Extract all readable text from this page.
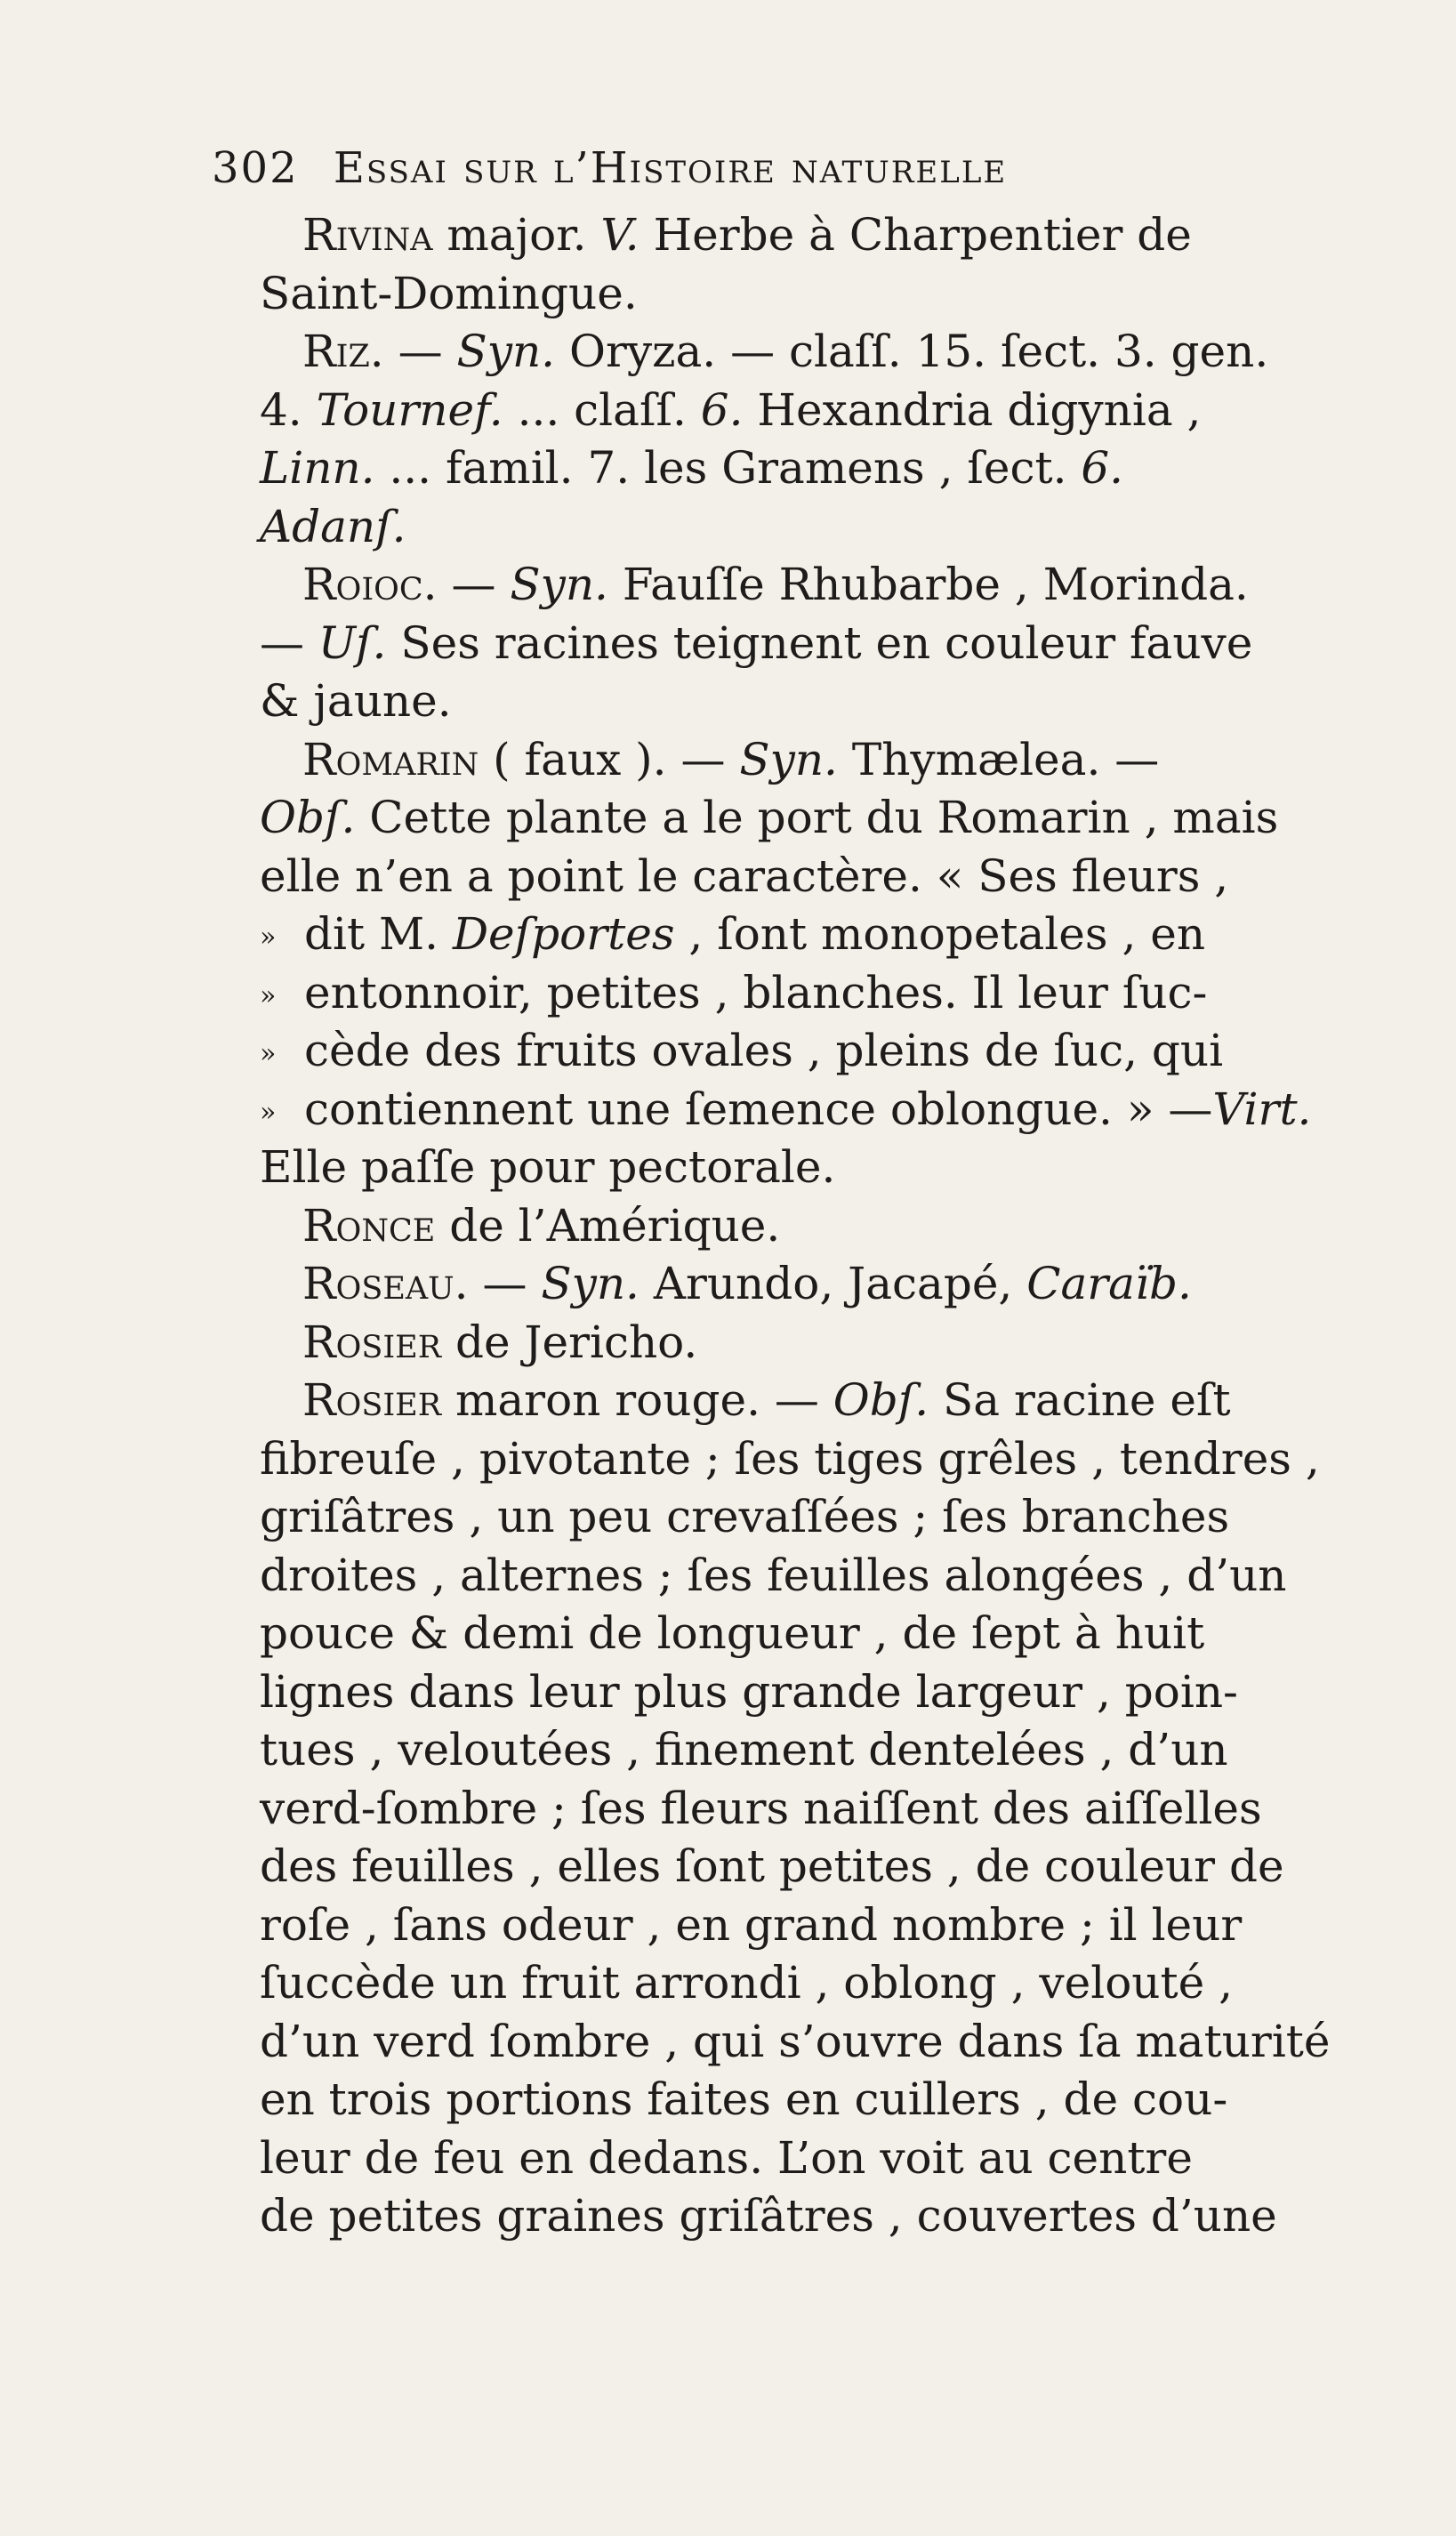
302 Essai sur l’Histoire naturelle
Rivina major. V. Herbe à Charpentier de
Saint-Domingue.
Riz. — Syn. Oryza. — claſſ. 15. ſect. 3. gen.
4. Tournef. ... claſſ. 6. Hexandria digynia ,
Linn. ... famil. 7. les Gramens , ſect. 6.
Adanſ.
Roioc. — Syn. Fauſſe Rhubarbe , Morinda.
— Uſ. Ses racines teignent en couleur fauve
& jaune.
Romarin ( faux ). — Syn. Thymælea. —
Obſ. Cette plante a le port du Romarin , mais
elle n’en a point le caractère. « Ses fleurs ,
» dit M. Deſportes , ſont monopetales , en
» entonnoir, petites , blanches. Il leur ſuc-
» cède des fruits ovales , pleins de ſuc, qui
» contiennent une ſemence oblongue. » —Virt.
Elle paſſe pour pectorale.
Ronce de l’Amérique.
Roseau. — Syn. Arundo, Jacapé, Caraïb.
Rosier de Jericho.
Rosier maron rouge. — Obſ. Sa racine eſt
fibreuſe , pivotante ; ſes tiges grêles , tendres ,
griſâtres , un peu crevaſſées ; ſes branches
droites , alternes ; ſes feuilles alongées , d’un
pouce & demi de longueur , de ſept à huit
lignes dans leur plus grande largeur , poin-
tues , veloutées , finement dentelées , d’un
verd-ſombre ; ſes fleurs naiſſent des aiſſelles
des feuilles , elles ſont petites , de couleur de
roſe , ſans odeur , en grand nombre ; il leur
ſuccède un fruit arrondi , oblong , velouté ,
d’un verd ſombre , qui s’ouvre dans ſa maturité
en trois portions faites en cuillers , de cou-
leur de feu en dedans. L’on voit au centre
de petites graines griſâtres , couvertes d’une
